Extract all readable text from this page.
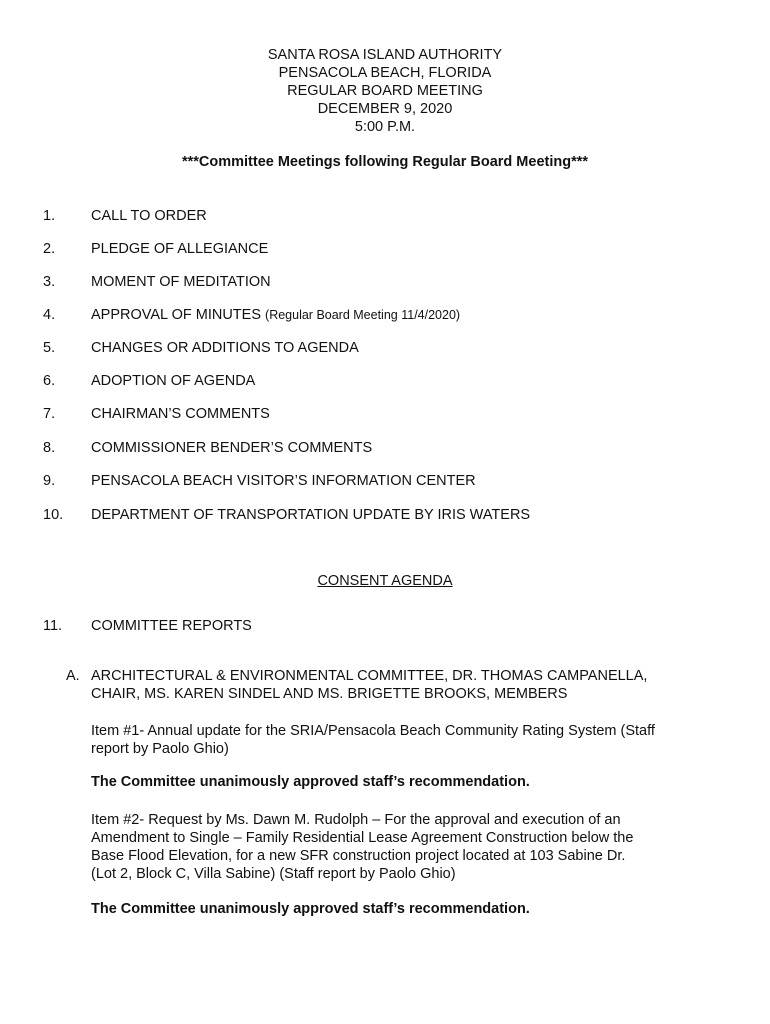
SANTA ROSA ISLAND AUTHORITY
PENSACOLA BEACH, FLORIDA
REGULAR BOARD MEETING
DECEMBER 9, 2020
5:00 P.M.
***Committee Meetings following Regular Board Meeting***
1. CALL TO ORDER
2. PLEDGE OF ALLEGIANCE
3. MOMENT OF MEDITATION
4. APPROVAL OF MINUTES (Regular Board Meeting 11/4/2020)
5. CHANGES OR ADDITIONS TO AGENDA
6. ADOPTION OF AGENDA
7. CHAIRMAN’S COMMENTS
8. COMMISSIONER BENDER’S COMMENTS
9. PENSACOLA BEACH VISITOR’S INFORMATION CENTER
10. DEPARTMENT OF TRANSPORTATION UPDATE BY IRIS WATERS
CONSENT AGENDA
11. COMMITTEE REPORTS
A. ARCHITECTURAL & ENVIRONMENTAL COMMITTEE, DR. THOMAS CAMPANELLA,
CHAIR, MS. KAREN SINDEL AND MS. BRIGETTE BROOKS, MEMBERS
Item #1- Annual update for the SRIA/Pensacola Beach Community Rating System (Staff
report by Paolo Ghio)
The Committee unanimously approved staff’s recommendation.
Item #2- Request by Ms. Dawn M. Rudolph – For the approval and execution of an
Amendment to Single – Family Residential Lease Agreement Construction below the
Base Flood Elevation, for a new SFR construction project located at 103 Sabine Dr.
(Lot 2, Block C, Villa Sabine) (Staff report by Paolo Ghio)
The Committee unanimously approved staff’s recommendation.
